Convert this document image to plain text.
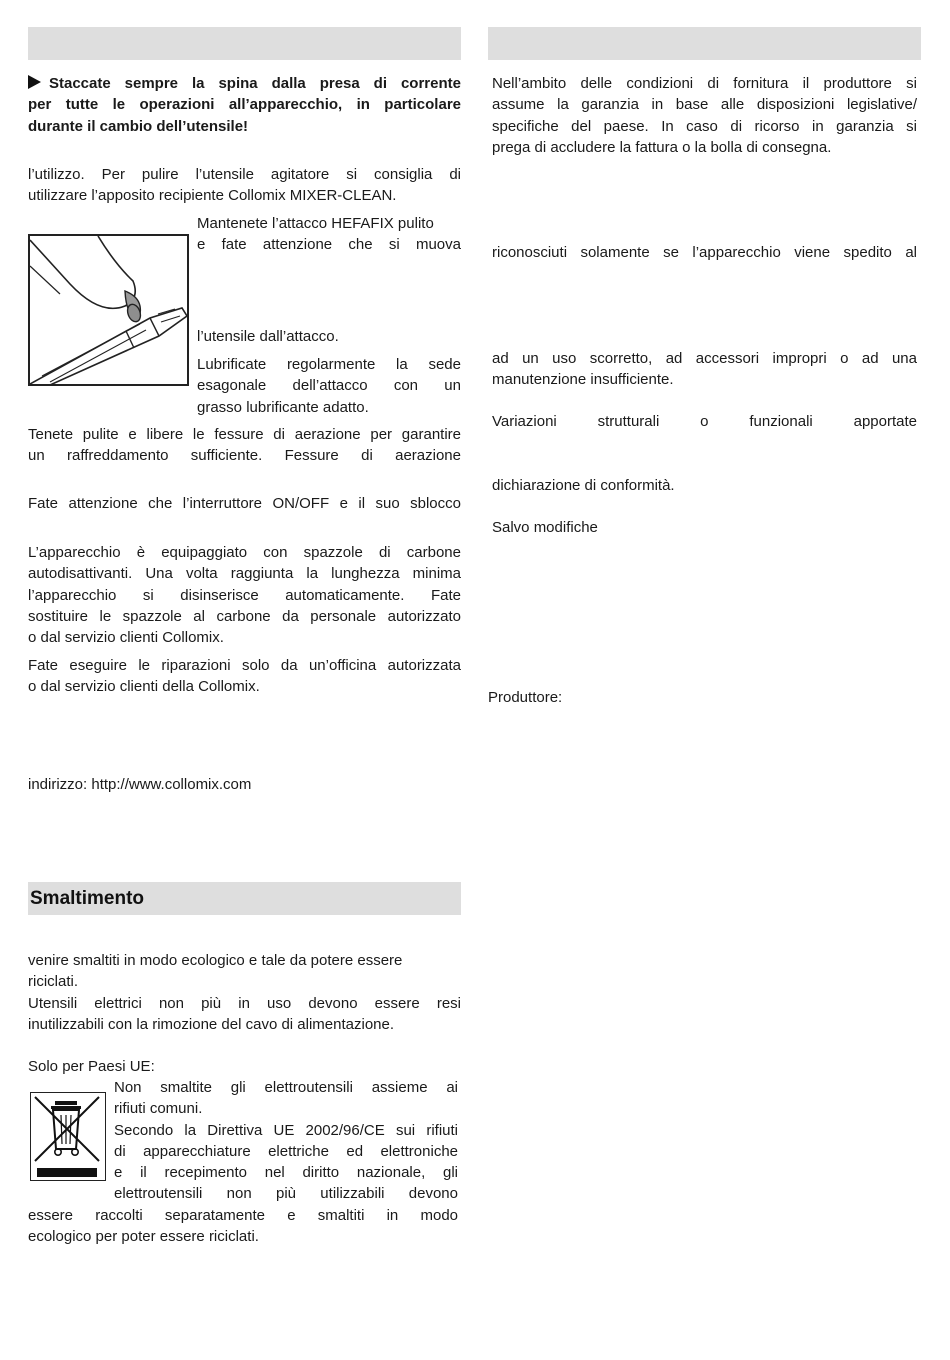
Staccate sempre la spina dalla presa di corrente
per tutte le operazioni all’apparecchio, in particolare
durante il cambio dell’utensile!
l’utilizzo. Per pulire l’utensile agitatore si consiglia di
utilizzare l’apposito recipiente Collomix MIXER-CLEAN.
Mantenete l’attacco HEFAFIX pulito
e fate attenzione che si muova
l’utensile dall’attacco.
Lubrificate regolarmente la sede
esagonale dell’attacco con un
grasso lubrificante adatto.
Tenete pulite e libere le fessure di aerazione per garantire
un raffreddamento sufficiente. Fessure di aerazione
Fate attenzione che l’interruttore ON/OFF e il suo sblocco
L’apparecchio è equipaggiato con spazzole di carbone
autodisattivanti. Una volta raggiunta la lunghezza minima
l’apparecchio si disinserisce automaticamente. Fate
sostituire le spazzole al carbone da personale autorizzato
o dal servizio clienti Collomix.
Fate eseguire le riparazioni solo da un’officina autorizzata
o dal servizio clienti della Collomix.
indirizzo: http://www.collomix.com
Smaltimento
venire smaltiti in modo ecologico e tale da potere essere
riciclati.
Utensili elettrici non più in uso devono essere resi
inutilizzabili con la rimozione del cavo di alimentazione.
Solo per Paesi UE:
Non smaltite gli elettroutensili assieme ai
rifiuti comuni.
Secondo la Direttiva UE 2002/96/CE sui rifiuti
di apparecchiature elettriche ed elettroniche
e il recepimento nel diritto nazionale, gli
elettroutensili non più utilizzabili devono
essere raccolti separatamente e smaltiti in modo
ecologico per poter essere riciclati.
Nell’ambito delle condizioni di fornitura il produttore si
assume la garanzia in base alle disposizioni legislative/
specifiche del paese. In caso di ricorso in garanzia si
prega di accludere la fattura o la bolla di consegna.
riconosciuti solamente se l’apparecchio viene spedito al
ad un uso scorretto, ad accessori impropri o ad una
manutenzione insufficiente.
Variazioni strutturali o funzionali apportate
dichiarazione di conformità.
Salvo modifiche
Produttore:
